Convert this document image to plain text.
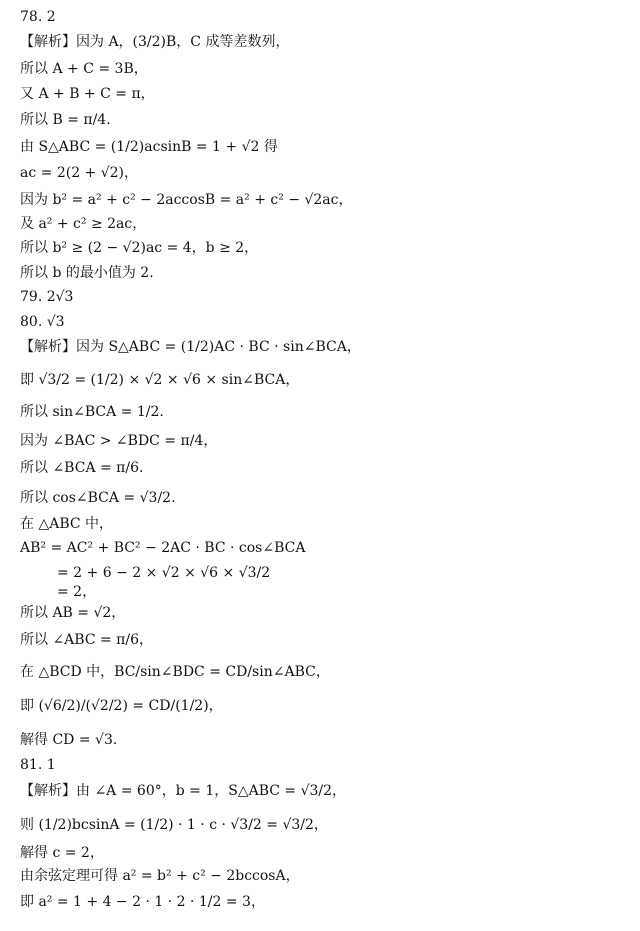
78. 2
【解析】因为 A，(3/2)B，C 成等差数列，
所以 A + C = 3B，
又 A + B + C = π，
所以 B = π/4.
由 S△ABC = (1/2)acsinB = 1 + √2 得
ac = 2(2 + √2)，
因为 b² = a² + c² − 2accosB = a² + c² − √2ac，
及 a² + c² ≥ 2ac，
所以 b² ≥ (2 − √2)ac = 4，b ≥ 2，
所以 b 的最小值为 2.
79. 2√3
80. √3
【解析】因为 S△ABC = (1/2)AC · BC · sin∠BCA，
即 √3/2 = (1/2) × √2 × √6 × sin∠BCA，
所以 sin∠BCA = 1/2.
因为 ∠BAC > ∠BDC = π/4，
所以 ∠BCA = π/6.
所以 cos∠BCA = √3/2.
在 △ABC 中，
AB² = AC² + BC² − 2AC · BC · cos∠BCA
= 2 + 6 − 2 × √2 × √6 × √3/2
= 2，
所以 AB = √2，
所以 ∠ABC = π/6，
在 △BCD 中，BC/sin∠BDC = CD/sin∠ABC，
即 (√6/2)/(√2/2) = CD/(1/2)，
解得 CD = √3.
81. 1
【解析】由 ∠A = 60°，b = 1，S△ABC = √3/2，
则 (1/2)bcsinA = (1/2) · 1 · c · √3/2 = √3/2，
解得 c = 2，
由余弦定理可得 a² = b² + c² − 2bccosA，
即 a² = 1 + 4 − 2 · 1 · 2 · 1/2 = 3，
